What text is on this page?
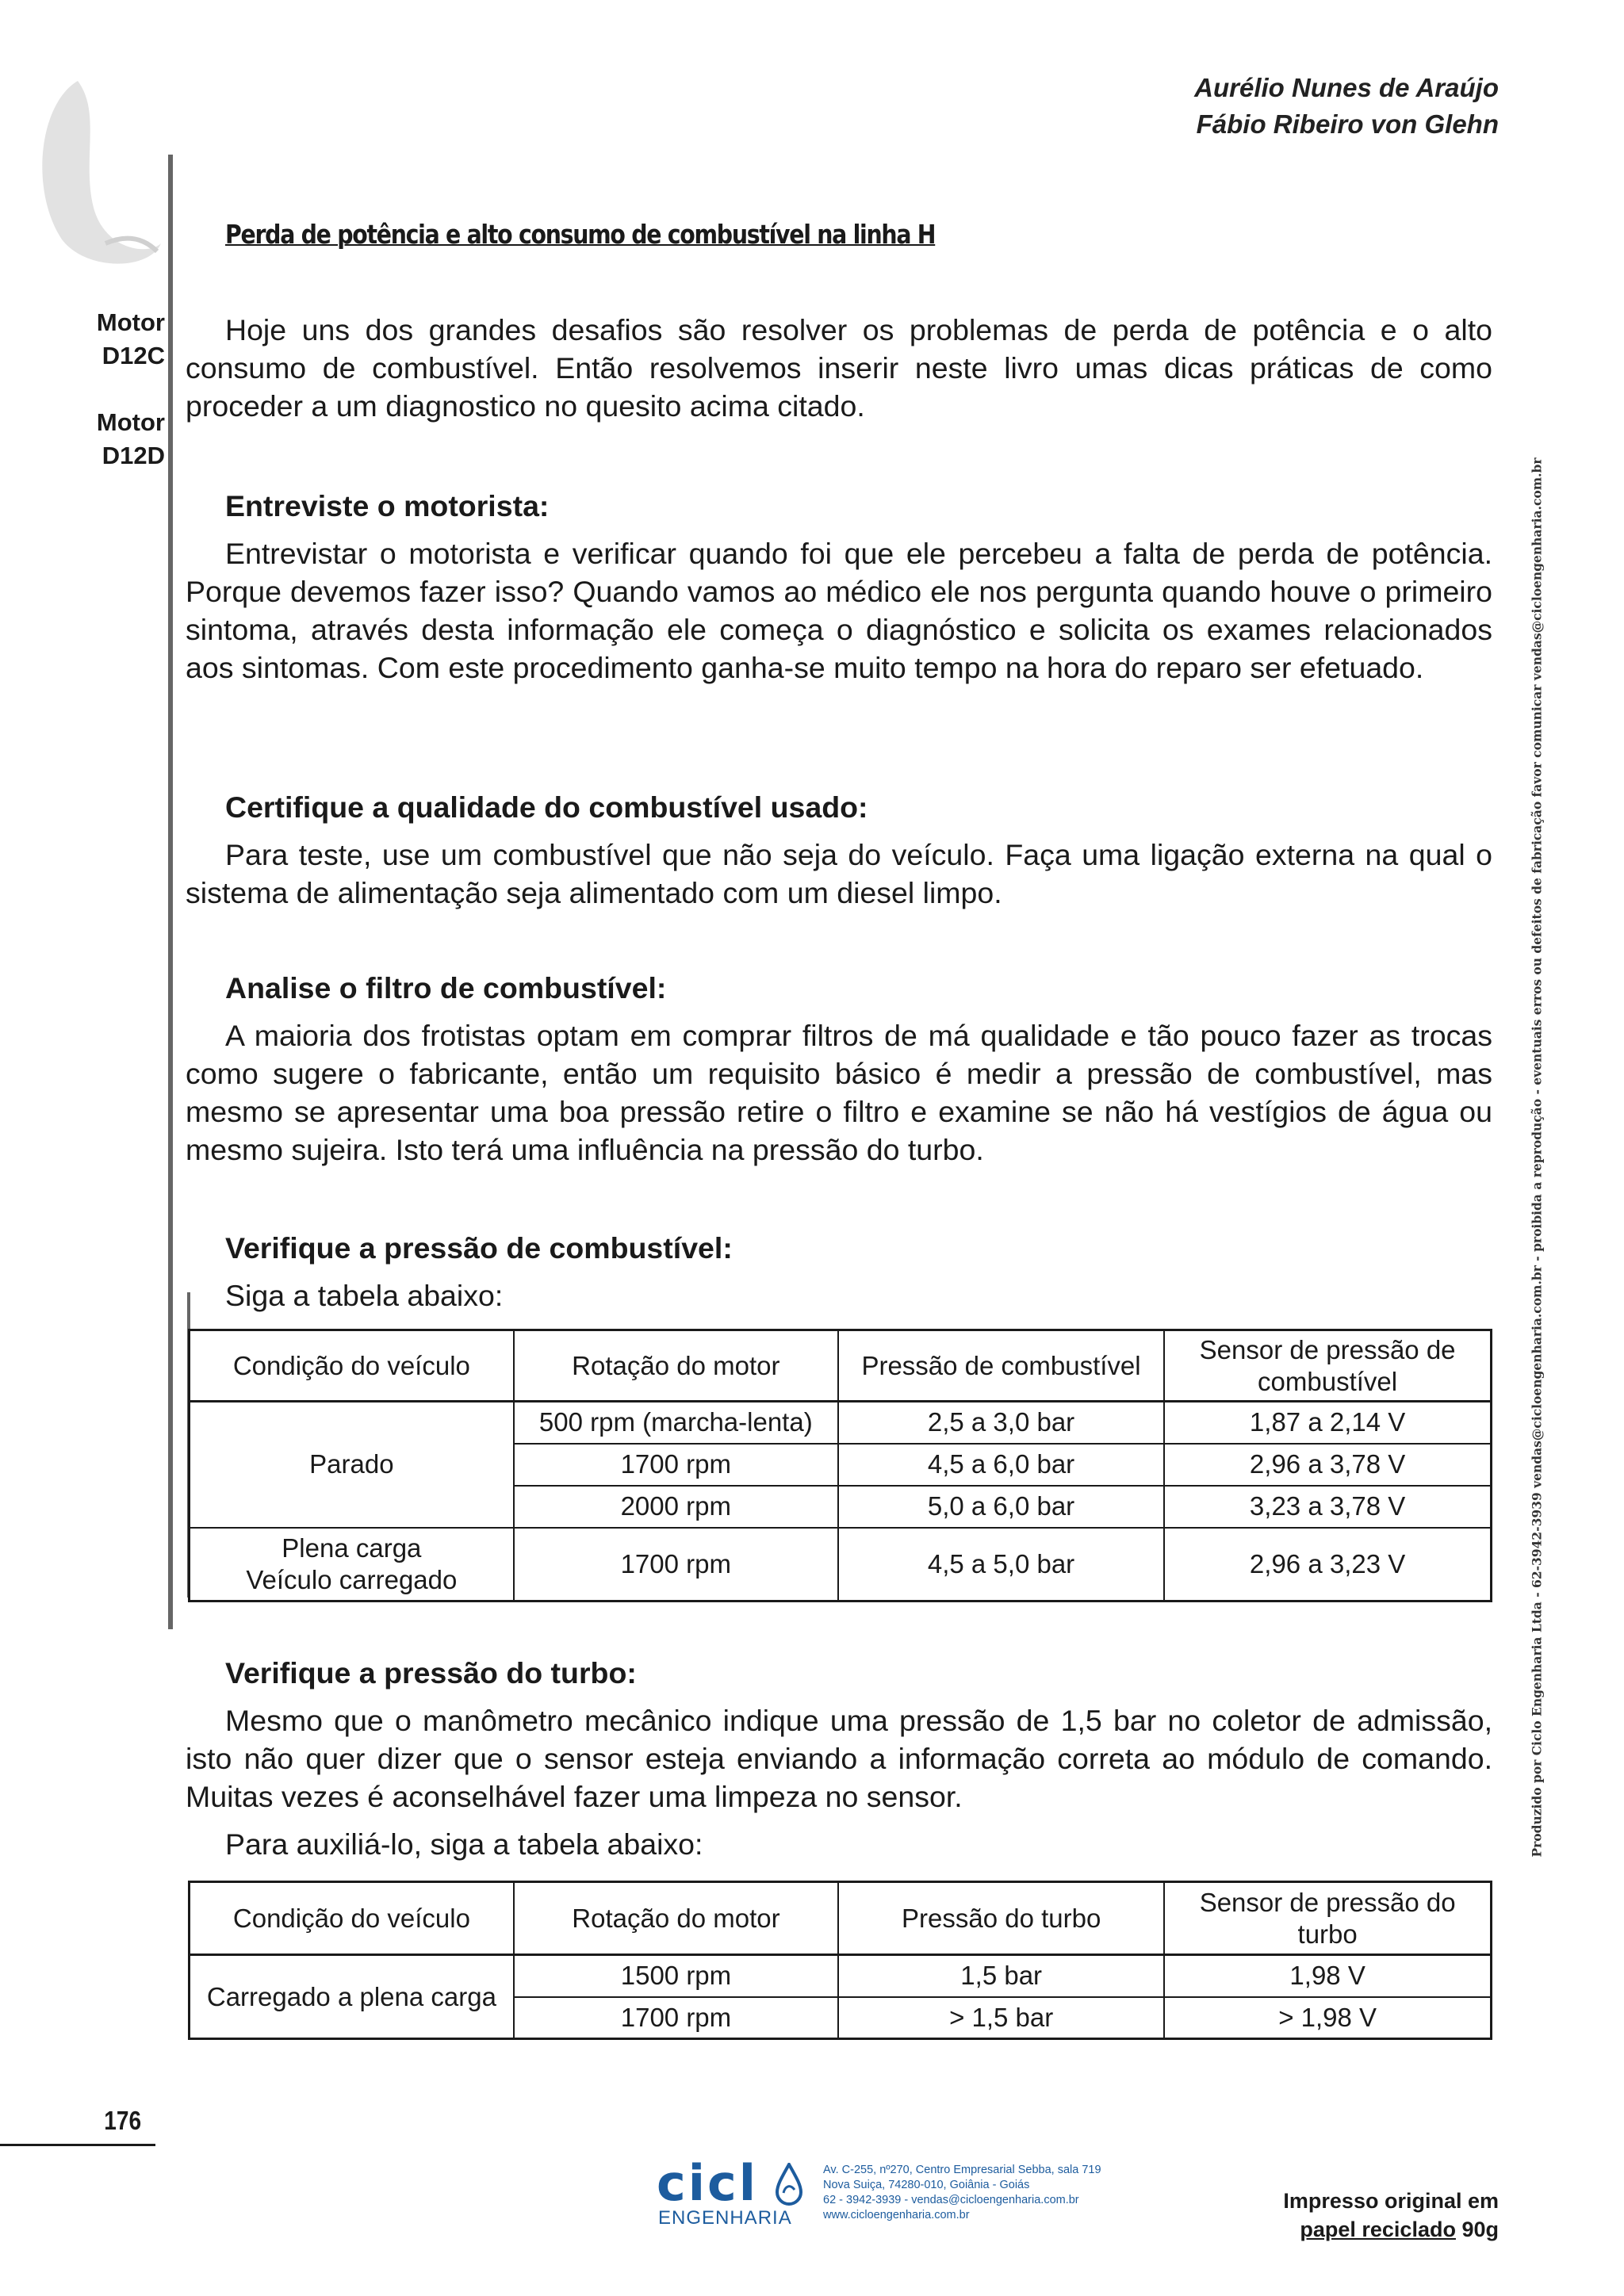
Aurélio Nunes de Araújo
Fábio Ribeiro von Glehn
Motor
D12C
Motor
D12D
Perda de potência e alto consumo de combustível na linha H

Hoje uns dos grandes desafios são resolver os problemas de perda de potência e o alto consumo de combustível. Então resolvemos inserir neste livro umas dicas práticas de como proceder a um diagnostico no quesito acima citado.

Entreviste o motorista:

Entrevistar o motorista e verificar quando foi que ele percebeu a falta de perda de potência. Porque devemos fazer isso? Quando vamos ao médico ele nos pergunta quando houve o primeiro sintoma, através desta informação ele começa o diagnóstico e solicita os exames relacionados aos sintomas. Com este procedimento ganha-se muito tempo na hora do reparo ser efetuado.

Certifique a qualidade do combustível usado:

Para teste, use um combustível que não seja do veículo. Faça uma ligação externa na qual o sistema de alimentação seja alimentado com um diesel limpo.

Analise o filtro de combustível:

A maioria dos frotistas optam em comprar filtros de má qualidade e tão pouco fazer as trocas como sugere o fabricante, então um requisito básico é medir a pressão de combustível, mas mesmo se apresentar uma boa pressão retire o filtro e examine se não há vestígios de água ou mesmo sujeira. Isto terá uma influência na pressão do turbo.

Verifique a pressão de combustível:
Siga a tabela abaixo:
Condição do veículo	Rotação do motor	Pressão de combustível	Sensor de pressão de combustível
Parado	500 rpm (marcha-lenta)	2,5 a 3,0 bar	1,87 a 2,14 V
	1700 rpm	4,5 a 6,0 bar	2,96 a 3,78 V
	2000 rpm	5,0 a 6,0 bar	3,23 a 3,78 V

Plena carga
Veículo carregado	1700 rpm	4,5 a 5,0 bar	2,96 a 3,23 V
Verifique a pressão do turbo:

Mesmo que o manômetro mecânico indique uma pressão de 1,5 bar no coletor de admissão, isto não quer dizer que o sensor esteja enviando a informação correta ao módulo de comando. Muitas vezes é aconselhável fazer uma limpeza no sensor.

Para auxiliá-lo, siga a tabela abaixo:
Condição do veículo	Rotação do motor	Pressão do turbo	Sensor de pressão do turbo
Carregado a plena carga	1500 rpm	1,5 bar	1,98 V
	1700 rpm	> 1,5 bar	> 1,98 V
Produzido por Ciclo Engenharia Ltda - 62-3942-3939 vendas@cicloengenharia.com.br - proibida a reprodução - eventuais erros ou defeitos de fabricação favor comunicar vendas@cicloengenharia.com.br
176
cicl
ENGENHARIA
Av. C-255, nº270, Centro Empresarial Sebba, sala 719
Nova Suiça, 74280-010, Goiânia - Goiás
62 - 3942-3939 - vendas@cicloengenharia.com.br
www.cicloengenharia.com.br
Impresso original em
papel reciclado 90g
